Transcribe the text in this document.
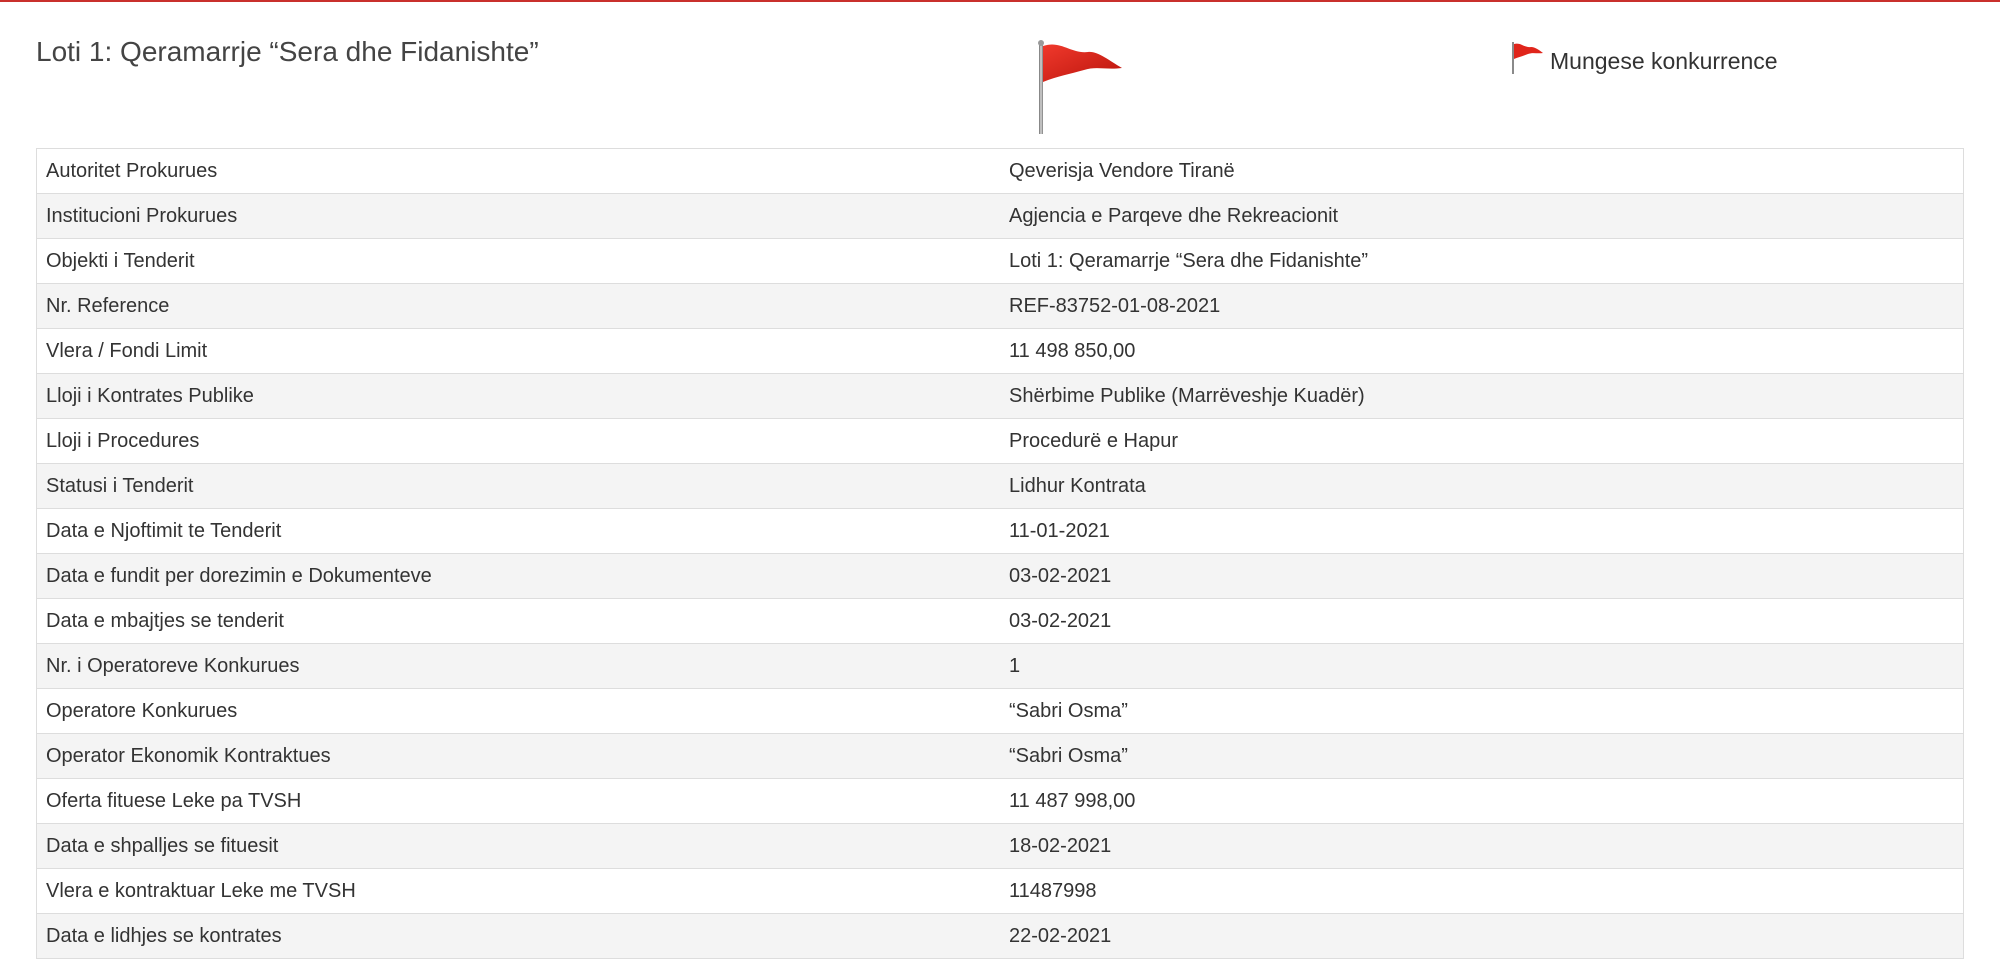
Loti 1: Qeramarrje “Sera dhe Fidanishte”	Mungese konkurrence
Autoritet Prokurues	Qeverisja Vendore Tiranë
Institucioni Prokurues	Agjencia e Parqeve dhe Rekreacionit
Objekti i Tenderit	Loti 1: Qeramarrje “Sera dhe Fidanishte”
Nr. Reference	REF-83752-01-08-2021
Vlera / Fondi Limit	11 498 850,00
Lloji i Kontrates Publike	Shërbime Publike (Marrëveshje Kuadër)
Lloji i Procedures	Procedurë e Hapur
Statusi i Tenderit	Lidhur Kontrata
Data e Njoftimit te Tenderit	11-01-2021
Data e fundit per dorezimin e Dokumenteve	03-02-2021
Data e mbajtjes se tenderit	03-02-2021
Nr. i Operatoreve Konkurues	1
Operatore Konkurues	“Sabri Osma”
Operator Ekonomik Kontraktues	“Sabri Osma”
Oferta fituese Leke pa TVSH	11 487 998,00
Data e shpalljes se fituesit	18-02-2021
Vlera e kontraktuar Leke me TVSH	11487998
Data e lidhjes se kontrates	22-02-2021
